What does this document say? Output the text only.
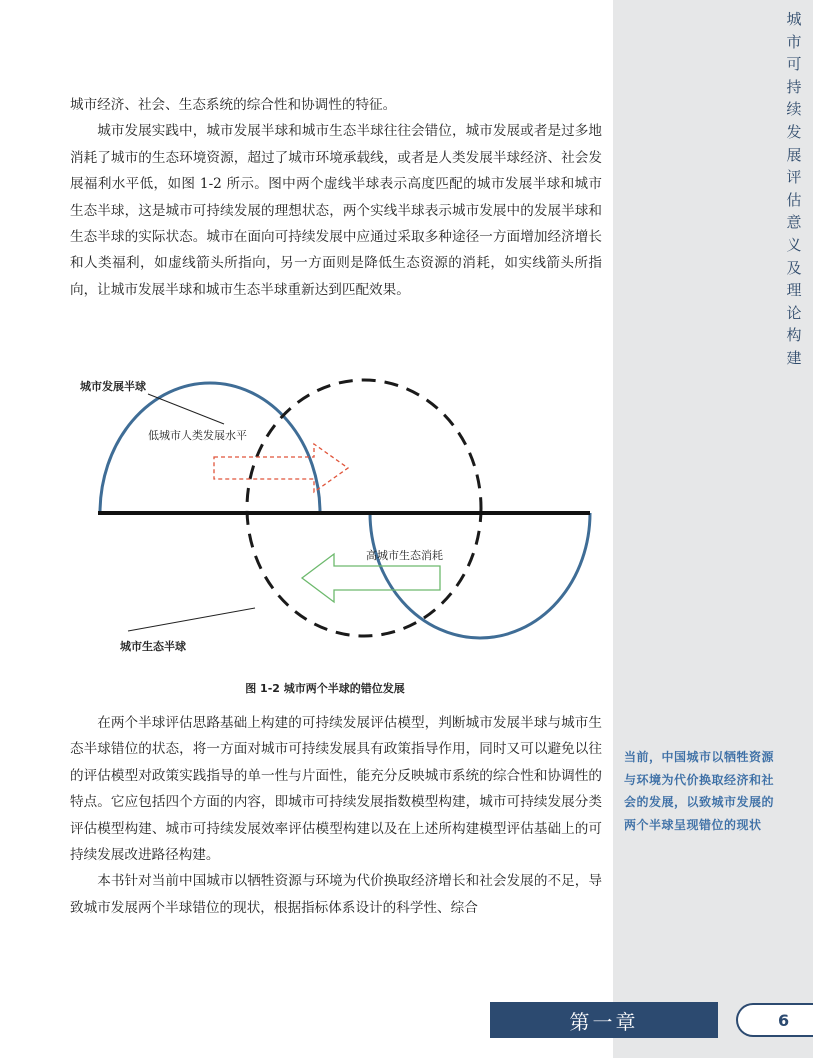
城市可持续发展评估意义及理论构建

城市经济、社会、生态系统的综合性和协调性的特征。

城市发展实践中，城市发展半球和城市生态半球往往会错位，城市发展或者是过多地消耗了城市的生态环境资源，超过了城市环境承载线，或者是人类发展半球经济、社会发展福利水平低，如图 1-2 所示。图中两个虚线半球表示高度匹配的城市发展半球和城市生态半球，这是城市可持续发展的理想状态，两个实线半球表示城市发展中的发展半球和生态半球的实际状态。城市在面向可持续发展中应通过采取多种途径一方面增加经济增长和人类福利，如虚线箭头所指向，另一方面则是降低生态资源的消耗，如实线箭头所指向，让城市发展半球和城市生态半球重新达到匹配效果。

城市发展半球
低城市人类发展水平
高城市生态消耗
城市生态半球
图 1-2 城市两个半球的错位发展

在两个半球评估思路基础上构建的可持续发展评估模型，判断城市发展半球与城市生态半球错位的状态，将一方面对城市可持续发展具有政策指导作用，同时又可以避免以往的评估模型对政策实践指导的单一性与片面性，能充分反映城市系统的综合性和协调性的特点。它应包括四个方面的内容，即城市可持续发展指数模型构建，城市可持续发展分类评估模型构建、城市可持续发展效率评估模型构建以及在上述所构建模型评估基础上的可持续发展改进路径构建。

本书针对当前中国城市以牺牲资源与环境为代价换取经济增长和社会发展的不足，导致城市发展两个半球错位的现状，根据指标体系设计的科学性、综合

当前，中国城市以牺牲资源与环境为代价换取经济和社会的发展，以致城市发展的两个半球呈现错位的现状
第一章	6
